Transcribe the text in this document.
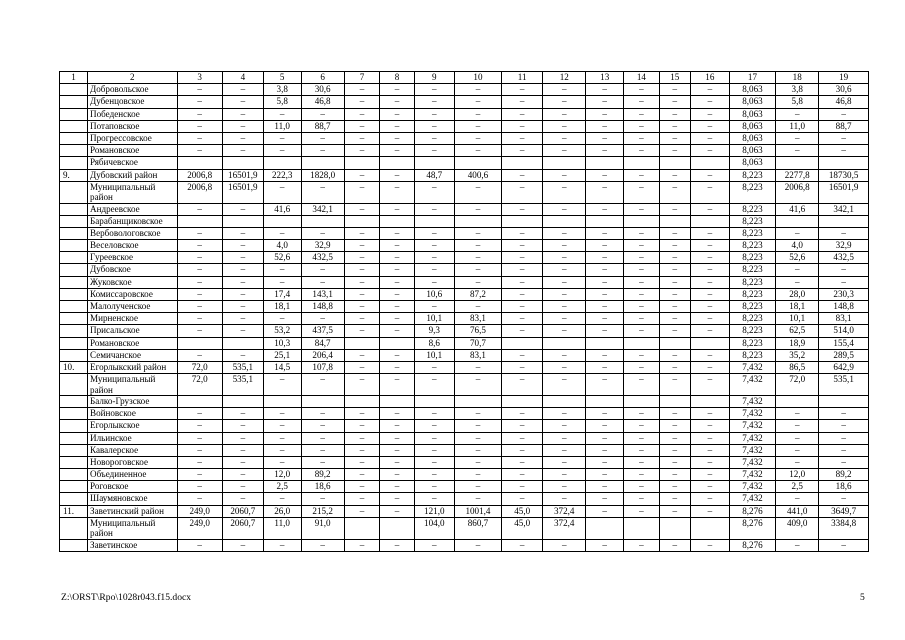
1	2	3	4	5	6	7	8	9	10	11	12	13	14	15	16	17	18	19
	Добровольское	–	–	3,8	30,6	–	–	–	–	–	–	–	–	–	–	8,063	3,8	30,6
	Дубенцовское	–	–	5,8	46,8	–	–	–	–	–	–	–	–	–	–	8,063	5,8	46,8
	Победенское	–	–	–	–	–	–	–	–	–	–	–	–	–	–	8,063	–	–
	Потаповское	–	–	11,0	88,7	–	–	–	–	–	–	–	–	–	–	8,063	11,0	88,7
	Прогрессовское	–	–	–	–	–	–	–	–	–	–	–	–	–	–	8,063	–	–
	Романовское	–	–	–	–	–	–	–	–	–	–	–	–	–	–	8,063	–	–
	Рябичевское															8,063		
9.	Дубовский район	2006,8	16501,9	222,3	1828,0	–	–	48,7	400,6	–	–	–	–	–	–	8,223	2277,8	18730,5
	Муниципальный район	2006,8	16501,9	–	–	–	–	–	–	–	–	–	–	–	–	8,223	2006,8	16501,9
	Андреевское	–	–	41,6	342,1	–	–	–	–	–	–	–	–	–	–	8,223	41,6	342,1
	Барабанщиковское															8,223		
	Вербовологовское	–	–	–	–	–	–	–	–	–	–	–	–	–	–	8,223	–	–
	Веселовское	–	–	4,0	32,9	–	–	–	–	–	–	–	–	–	–	8,223	4,0	32,9
	Гуреевское	–	–	52,6	432,5	–	–	–	–	–	–	–	–	–	–	8,223	52,6	432,5
	Дубовское	–	–	–	–	–	–	–	–	–	–	–	–	–	–	8,223	–	–
	Жуковское	–	–	–	–	–	–	–	–	–	–	–	–	–	–	8,223	–	–
	Комиссаровское	–	–	17,4	143,1	–	–	10,6	87,2	–	–	–	–	–	–	8,223	28,0	230,3
	Малолученское	–	–	18,1	148,8	–	–	–	–	–	–	–	–	–	–	8,223	18,1	148,8
	Мирненское	–	–	–	–	–	–	10,1	83,1	–	–	–	–	–	–	8,223	10,1	83,1
	Присальское	–	–	53,2	437,5	–	–	9,3	76,5	–	–	–	–	–	–	8,223	62,5	514,0
	Романовское			10,3	84,7			8,6	70,7							8,223	18,9	155,4
	Семичанское	–	–	25,1	206,4	–	–	10,1	83,1	–	–	–	–	–	–	8,223	35,2	289,5
10.	Егорлыкский район	72,0	535,1	14,5	107,8	–	–	–	–	–	–	–	–	–	–	7,432	86,5	642,9
	Муниципальный район	72,0	535,1	–	–	–	–	–	–	–	–	–	–	–	–	7,432	72,0	535,1
	Балко-Грузское															7,432		
	Войновское	–	–	–	–	–	–	–	–	–	–	–	–	–	–	7,432	–	–
	Егорлыкское	–	–	–	–	–	–	–	–	–	–	–	–	–	–	7,432	–	–
	Ильинское	–	–	–	–	–	–	–	–	–	–	–	–	–	–	7,432	–	–
	Кавалерское	–	–	–	–	–	–	–	–	–	–	–	–	–	–	7,432	–	–
	Новороговское	–	–	–	–	–	–	–	–	–	–	–	–	–	–	7,432	–	–
	Объединенное	–	–	12,0	89,2	–	–	–	–	–	–	–	–	–	–	7,432	12,0	89,2
	Роговское	–	–	2,5	18,6	–	–	–	–	–	–	–	–	–	–	7,432	2,5	18,6
	Шаумяновское	–	–	–	–	–	–	–	–	–	–	–	–	–	–	7,432	–	–
11.	Заветинский район	249,0	2060,7	26,0	215,2	–	–	121,0	1001,4	45,0	372,4	–	–	–	–	8,276	441,0	3649,7
	Муниципальный район	249,0	2060,7	11,0	91,0			104,0	860,7	45,0	372,4					8,276	409,0	3384,8
	Заветинское	–	–	–	–	–	–	–	–	–	–	–	–	–	–	8,276	–	–
Z:\ORST\Rpo\1028r043.f15.docx	5
